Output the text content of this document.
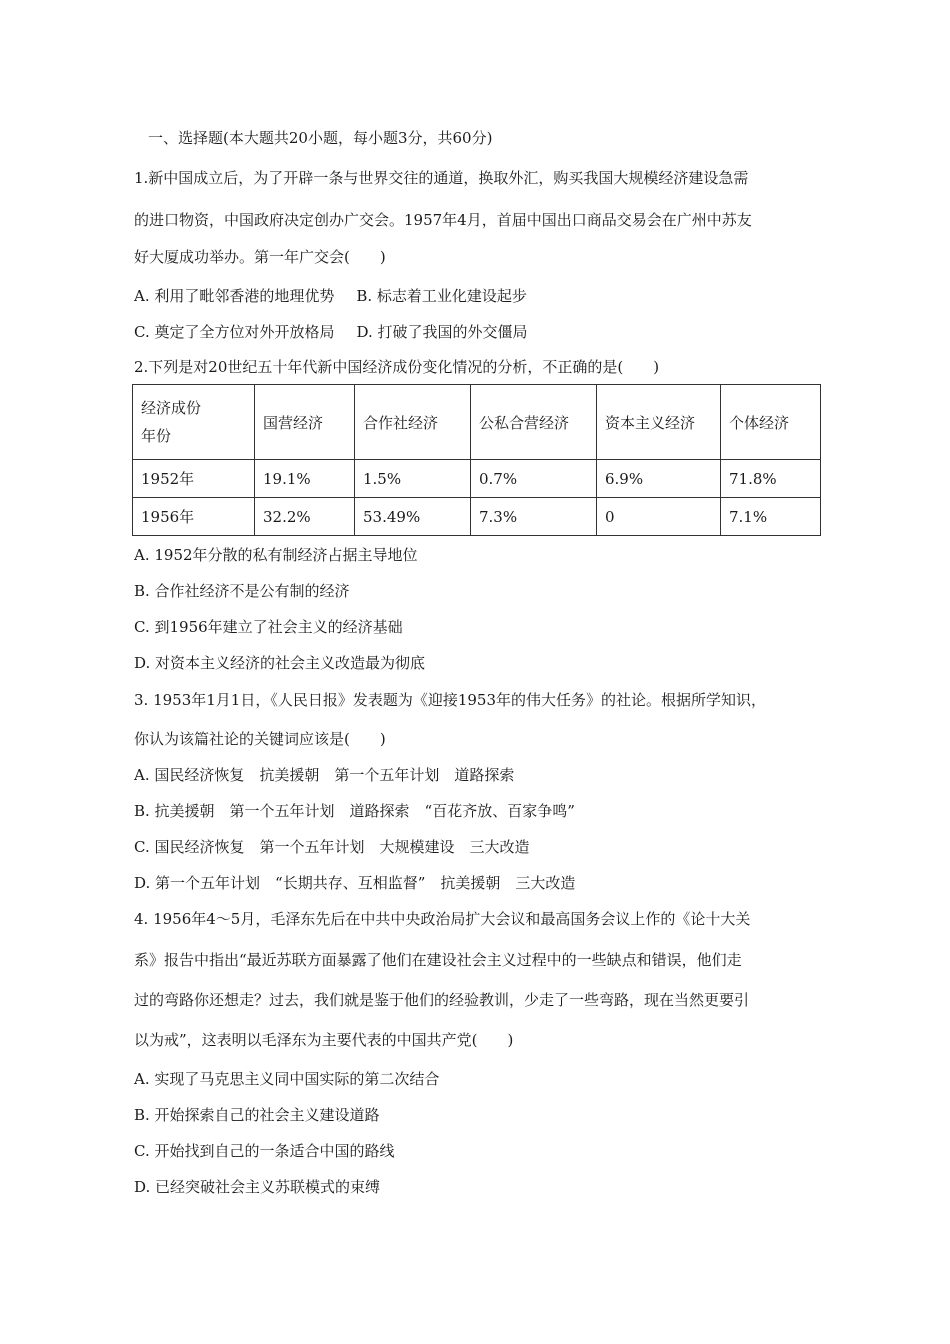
一、选择题(本大题共20小题，每小题3分，共60分)
1.新中国成立后，为了开辟一条与世界交往的通道，换取外汇，购买我国大规模经济建设急需
的进口物资，中国政府决定创办广交会。1957年4月，首届中国出口商品交易会在广州中苏友
好大厦成功举办。第一年广交会(　　)
A. 利用了毗邻香港的地理优势 B. 标志着工业化建设起步
C. 奠定了全方位对外开放格局 D. 打破了我国的外交僵局
2.下列是对20世纪五十年代新中国经济成份变化情况的分析，不正确的是(　　)
经济成份
年份	国营经济	合作社经济	公私合营经济	资本主义经济	个体经济
1952年	19.1%	1.5%	0.7%	6.9%	71.8%
1956年	32.2%	53.49%	7.3%	0	7.1%
A. 1952年分散的私有制经济占据主导地位
B. 合作社经济不是公有制的经济
C. 到1956年建立了社会主义的经济基础
D. 对资本主义经济的社会主义改造最为彻底
3. 1953年1月1日，《人民日报》发表题为《迎接1953年的伟大任务》的社论。根据所学知识，
你认为该篇社论的关键词应该是(　　)
A. 国民经济恢复　抗美援朝　第一个五年计划　道路探索
B. 抗美援朝　第一个五年计划　道路探索　“百花齐放、百家争鸣”
C. 国民经济恢复　第一个五年计划　大规模建设　三大改造
D. 第一个五年计划　“长期共存、互相监督”　抗美援朝　三大改造
4. 1956年4～5月，毛泽东先后在中共中央政治局扩大会议和最高国务会议上作的《论十大关
系》报告中指出“最近苏联方面暴露了他们在建设社会主义过程中的一些缺点和错误，他们走
过的弯路你还想走？过去，我们就是鉴于他们的经验教训，少走了一些弯路，现在当然更要引
以为戒”，这表明以毛泽东为主要代表的中国共产党(　　)
A. 实现了马克思主义同中国实际的第二次结合
B. 开始探索自己的社会主义建设道路
C. 开始找到自己的一条适合中国的路线
D. 已经突破社会主义苏联模式的束缚
